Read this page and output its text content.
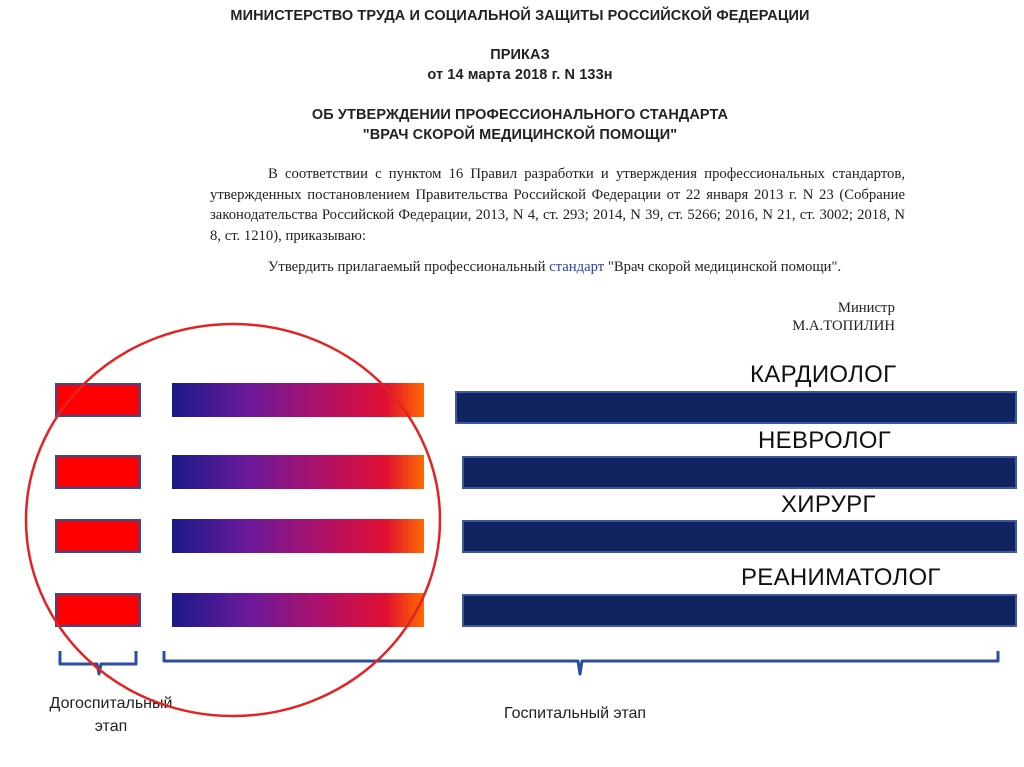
МИНИСТЕРСТВО ТРУДА И СОЦИАЛЬНОЙ ЗАЩИТЫ РОССИЙСКОЙ ФЕДЕРАЦИИ
ПРИКАЗ
от 14 марта 2018 г. N 133н
ОБ УТВЕРЖДЕНИИ ПРОФЕССИОНАЛЬНОГО СТАНДАРТА
"ВРАЧ СКОРОЙ МЕДИЦИНСКОЙ ПОМОЩИ"

В соответствии с пунктом 16 Правил разработки и утверждения профессиональных стандартов, утвержденных постановлением Правительства Российской Федерации от 22 января 2013 г. N 23 (Собрание законодательства Российской Федерации, 2013, N 4, ст. 293; 2014, N 39, ст. 5266; 2016, N 21, ст. 3002; 2018, N 8, ст. 1210), приказываю:

Утвердить прилагаемый профессиональный стандарт "Врач скорой медицинской помощи".

Министр
М.А.ТОПИЛИН
КАРДИОЛОГ
НЕВРОЛОГ
ХИРУРГ
РЕАНИМАТОЛОГ
Догоспитальный
этап
Госпитальный этап
